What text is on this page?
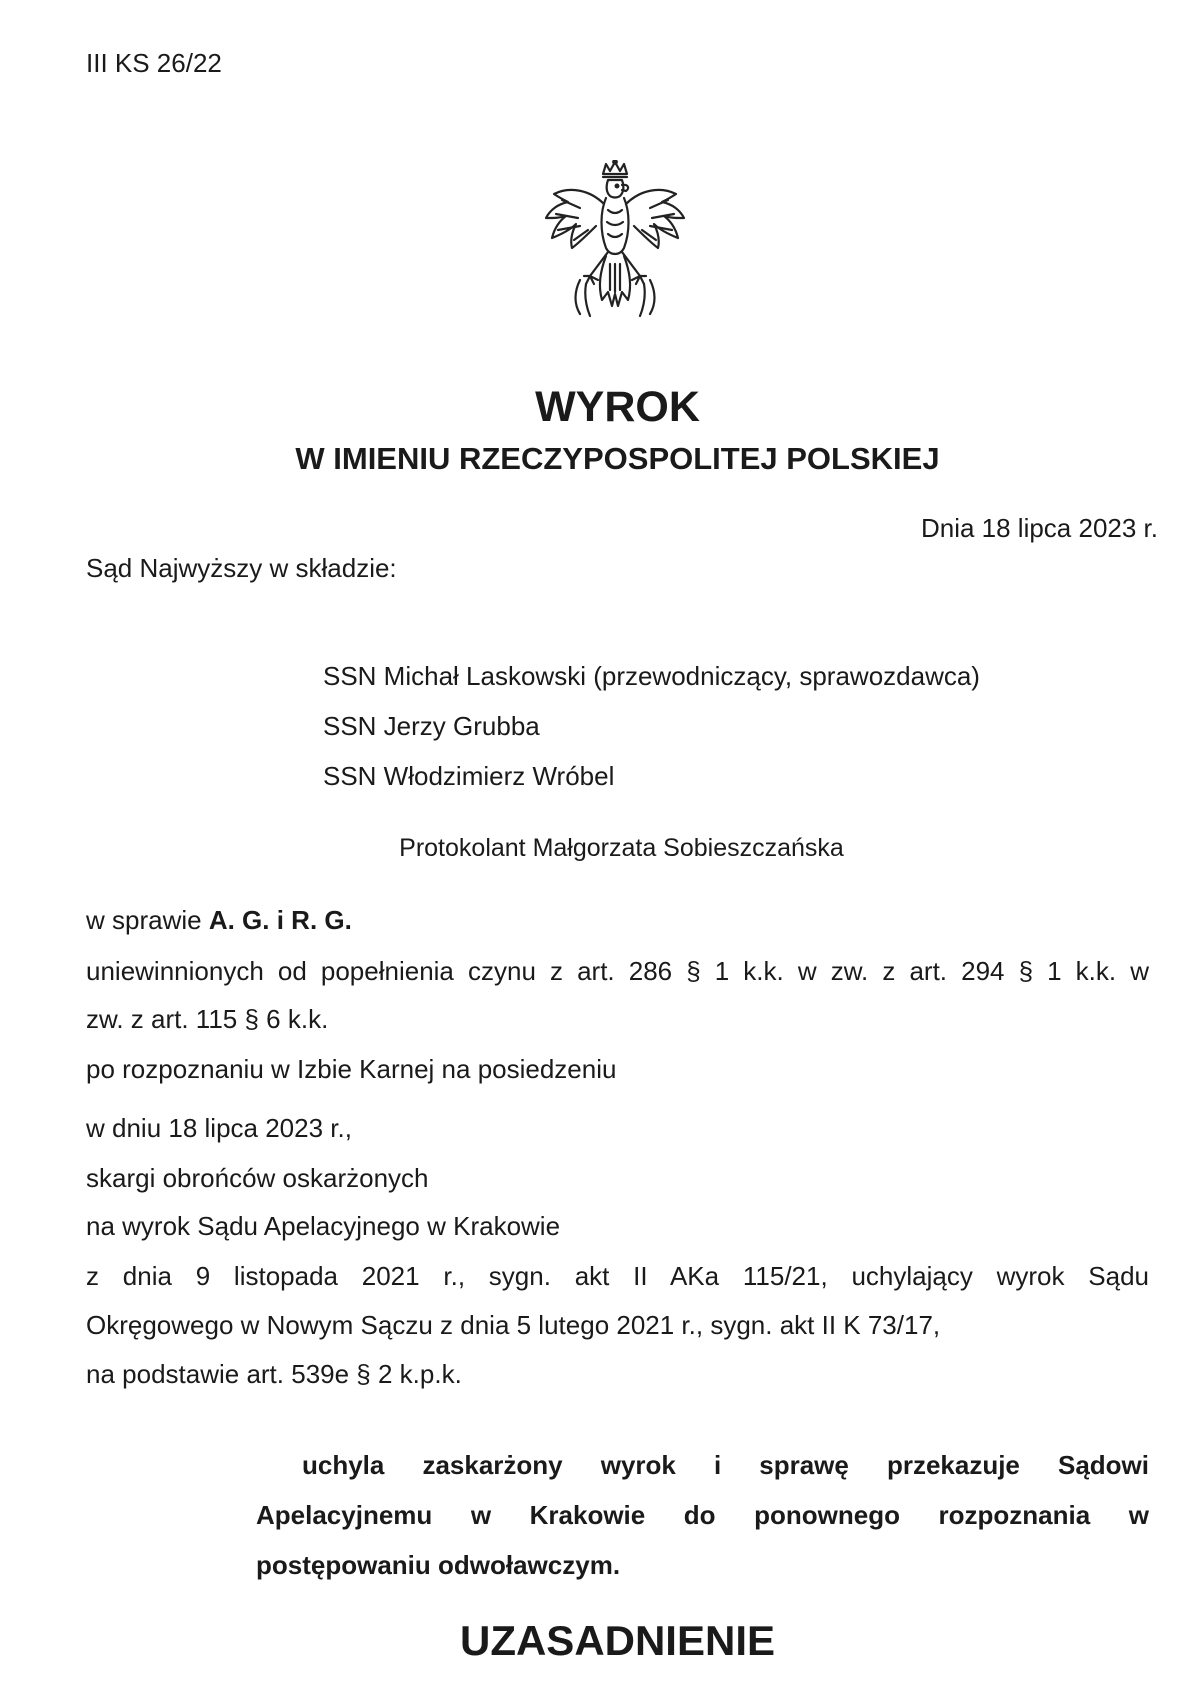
III KS 26/22
WYROK
W IMIENIU RZECZYPOSPOLITEJ POLSKIEJ
Dnia 18 lipca 2023 r.
Sąd Najwyższy w składzie:
SSN Michał Laskowski (przewodniczący, sprawozdawca)
SSN Jerzy Grubba
SSN Włodzimierz Wróbel
Protokolant Małgorzata Sobieszczańska
w sprawie A. G. i R. G.
uniewinnionych od popełnienia czynu z art. 286 § 1 k.k. w zw. z art. 294 § 1 k.k. w
zw. z art. 115 § 6 k.k.
po rozpoznaniu w Izbie Karnej na posiedzeniu
w dniu 18 lipca 2023 r.,
skargi obrońców oskarżonych
na wyrok Sądu Apelacyjnego w Krakowie
z dnia 9 listopada 2021 r., sygn. akt II AKa 115/21, uchylający wyrok Sądu
Okręgowego w Nowym Sączu z dnia 5 lutego 2021 r., sygn. akt II K 73/17,
na podstawie art. 539e § 2 k.p.k.
uchyla zaskarżony wyrok i sprawę przekazuje Sądowi
Apelacyjnemu w Krakowie do ponownego rozpoznania w
postępowaniu odwoławczym.
UZASADNIENIE
